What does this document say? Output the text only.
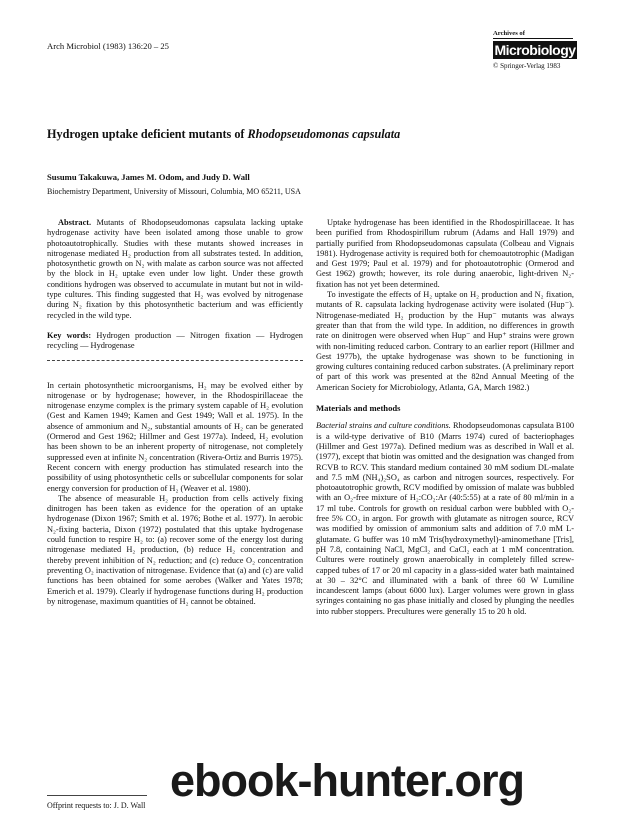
Arch Microbiol (1983) 136:20 – 25
Archives of
Microbiology
© Springer-Verlag 1983
Hydrogen uptake deficient mutants of Rhodopseudomonas capsulata
Susumu Takakuwa, James M. Odom, and Judy D. Wall
Biochemistry Department, University of Missouri, Columbia, MO 65211, USA

Abstract. Mutants of Rhodopseudomonas capsulata lacking uptake hydrogenase activity have been isolated among those unable to grow photoautotrophically. Studies with these mutants showed increases in nitrogenase mediated H₂ production from all substrates tested. In addition, photosynthetic growth on N₂ with malate as carbon source was not affected by the block in H₂ uptake even under low light. Under these growth conditions hydrogen was observed to accumulate in mutant but not in wild-type cultures. This finding suggested that H₂ was evolved by nitrogenase during N₂ fixation by this photosynthetic bacterium and was efficiently recycled in the wild type.

Key words: Hydrogen production — Nitrogen fixation — Hydrogen recycling — Hydrogenase

In certain photosynthetic microorganisms, H₂ may be evolved either by nitrogenase or by hydrogenase; however, in the Rhodospirillaceae the nitrogenase enzyme complex is the primary system capable of H₂ evolution (Gest and Kamen 1949; Kamen and Gest 1949; Wall et al. 1975). In the absence of ammonium and N₂, substantial amounts of H₂ can be generated (Ormerod and Gest 1962; Hillmer and Gest 1977a). Indeed, H₂ evolution has been shown to be an inherent property of nitrogenase, not completely suppressed even at infinite N₂ concentration (Rivera-Ortiz and Burris 1975). Recent concern with energy production has stimulated research into the possibility of using photosynthetic cells or subcellular components for solar energy conversion for production of H₂ (Weaver et al. 1980).

The absence of measurable H₂ production from cells actively fixing dinitrogen has been taken as evidence for the operation of an uptake hydrogenase (Dixon 1967; Smith et al. 1976; Bothe et al. 1977). In aerobic N₂-fixing bacteria, Dixon (1972) postulated that this uptake hydrogenase could function to respire H₂ to: (a) recover some of the energy lost during nitrogenase mediated H₂ production, (b) reduce H₂ concentration and thereby prevent inhibition of N₂ reduction; and (c) reduce O₂ concentration preventing O₂ inactivation of nitrogenase. Evidence that (a) and (c) are valid functions has been obtained for some aerobes (Walker and Yates 1978; Emerich et al. 1979). Clearly if hydrogenase functions during H₂ production by nitrogenase, maximum quantities of H₂ cannot be obtained.

Offprint requests to: J. D. Wall

Uptake hydrogenase has been identified in the Rhodospirillaceae. It has been purified from Rhodospirillum rubrum (Adams and Hall 1979) and partially purified from Rhodopseudomonas capsulata (Colbeau and Vignais 1981). Hydrogenase activity is required both for chemoautotrophic (Madigan and Gest 1979; Paul et al. 1979) and for photoautotrophic (Ormerod and Gest 1962) growth; however, its role during anaerobic, light-driven N₂-fixation has not yet been determined.

To investigate the effects of H₂ uptake on H₂ production and N₂ fixation, mutants of R. capsulata lacking hydrogenase activity were isolated (Hup⁻). Nitrogenase-mediated H₂ production by the Hup⁻ mutants was always greater than that from the wild type. In addition, no differences in growth rate on dinitrogen were observed when Hup⁻ and Hup⁺ strains were grown with non-limiting reduced carbon. Contrary to an earlier report (Hillmer and Gest 1977b), the uptake hydrogenase was shown to be functioning in growing cultures containing reduced carbon substrates. (A preliminary report of part of this work was presented at the 82nd Annual Meeting of the American Society for Microbiology, Atlanta, GA, March 1982.)

Materials and methods

Bacterial strains and culture conditions. Rhodopseudomonas capsulata B100 is a wild-type derivative of B10 (Marrs 1974) cured of bacteriophages (Hillmer and Gest 1977a). Defined medium was as described in Wall et al. (1977), except that biotin was omitted and the designation was changed from RCVB to RCV. This standard medium contained 30 mM sodium DL-malate and 7.5 mM (NH₄)₂SO₄ as carbon and nitrogen sources, respectively. For photoautotrophic growth, RCV modified by omission of malate was bubbled with an O₂-free mixture of H₂:CO₂:Ar (40:5:55) at a rate of 80 ml/min in a 17 ml tube. Controls for growth on residual carbon were bubbled with O₂-free 5% CO₂ in argon. For growth with glutamate as nitrogen source, RCV was modified by omission of ammonium salts and addition of 7.0 mM L-glutamate. G buffer was 10 mM Tris(hydroxymethyl)-aminomethane [Tris], pH 7.8, containing NaCl, MgCl₂ and CaCl₂ each at 1 mM concentration. Cultures were routinely grown anaerobically in completely filled screw-capped tubes of 17 or 20 ml capacity in a glass-sided water bath maintained at 30 – 32°C and illuminated with a bank of three 60 W Lumiline incandescent lamps (about 6000 lux). Larger volumes were grown in glass syringes containing no gas phase initially and closed by plunging the needles into rubber stoppers. Precultures were generally 15 to 20 h old.

ebook-hunter.org
